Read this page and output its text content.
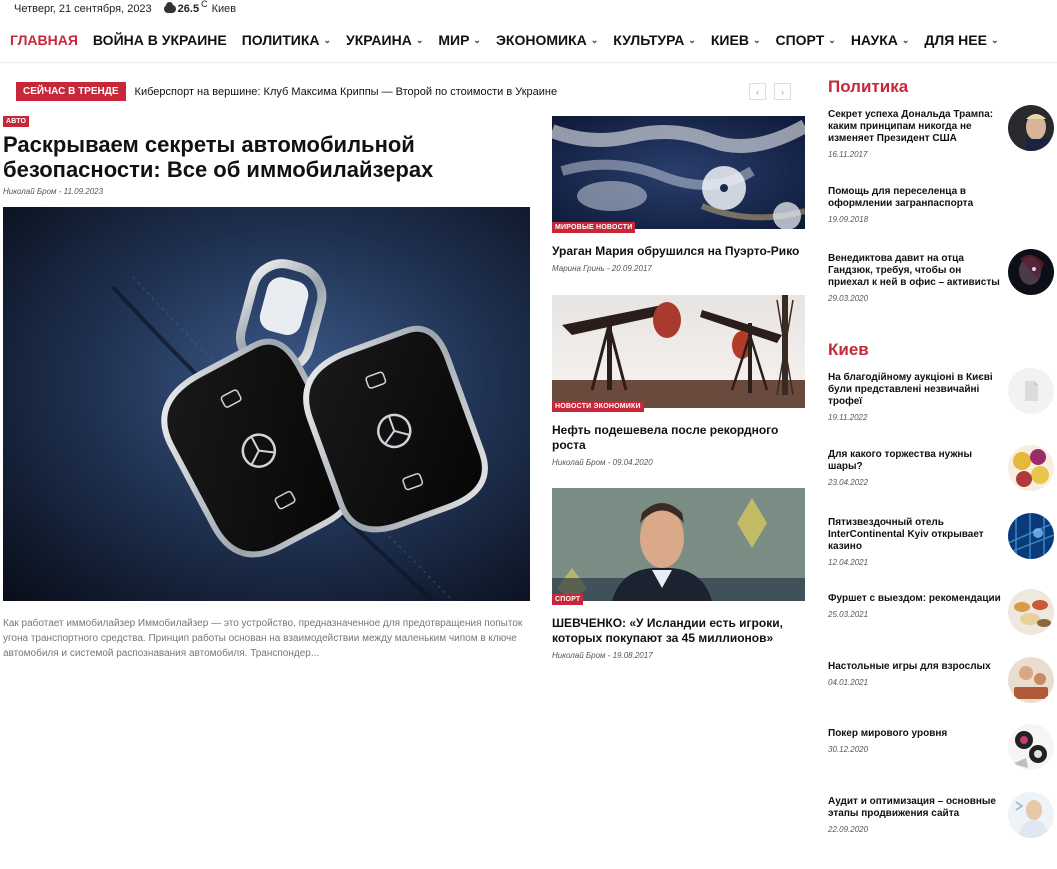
Четверг, 21 сентября, 2023 26.5 C Киев
ГЛАВНАЯ ВОЙНА В УКРАИНЕ ПОЛИТИКА ⌄ УКРАИНА ⌄ МИР ⌄ ЭКОНОМИКА ⌄ КУЛЬТУРА ⌄ КИЕВ ⌄ СПОРТ ⌄ НАУКА ⌄ ДЛЯ НЕЕ ⌄
СЕЙЧАС В ТРЕНДЕ	Киберспорт на вершине: Клуб Максима Криппы — Второй по стоимости в Украине	‹	›
АВТО
Раскрываем секреты автомобильной безопасности: Все об иммобилайзерах
Николай Бром - 11.09.2023

Как работает иммобилайзер Иммобилайзер — это устройство, предназначенное для предотвращения попыток угона транспортного средства. Принцип работы основан на взаимодействии между маленьким чипом в ключе автомобиля и системой распознавания автомобиля. Транспондер...

МИРОВЫЕ НОВОСТИ
Ураган Мария обрушился на Пуэрто-Рико
Марина Гринь - 20.09.2017
НОВОСТИ ЭКОНОМИКИ
Нефть подешевела после рекордного роста
Николай Бром - 09.04.2020
СПОРТ
ШЕВЧЕНКО: «У Исландии есть игроки, которых покупают за 45 миллионов»
Николай Бром - 19.08.2017
Политика
Секрет успеха Дональда Трампа: каким принципам никогда не изменяет Президент США
16.11.2017
Помощь для переселенца в оформлении загранпаспорта
19.09.2018
Венедиктова давит на отца Гандзюк, требуя, чтобы он приехал к ней в офис – активисты
29.03.2020
Киев
На благодійному аукціоні в Києві були представлені незвичайні трофеї
19.11.2022
Для какого торжества нужны шары?
23.04.2022
Пятизвездочный отель InterContinental Kyiv открывает казино
12.04.2021
Фуршет с выездом: рекомендации
25.03.2021
Настольные игры для взрослых
04.01.2021
Покер мирового уровня
30.12.2020
Аудит и оптимизация – основные этапы продвижения сайта
22.09.2020
